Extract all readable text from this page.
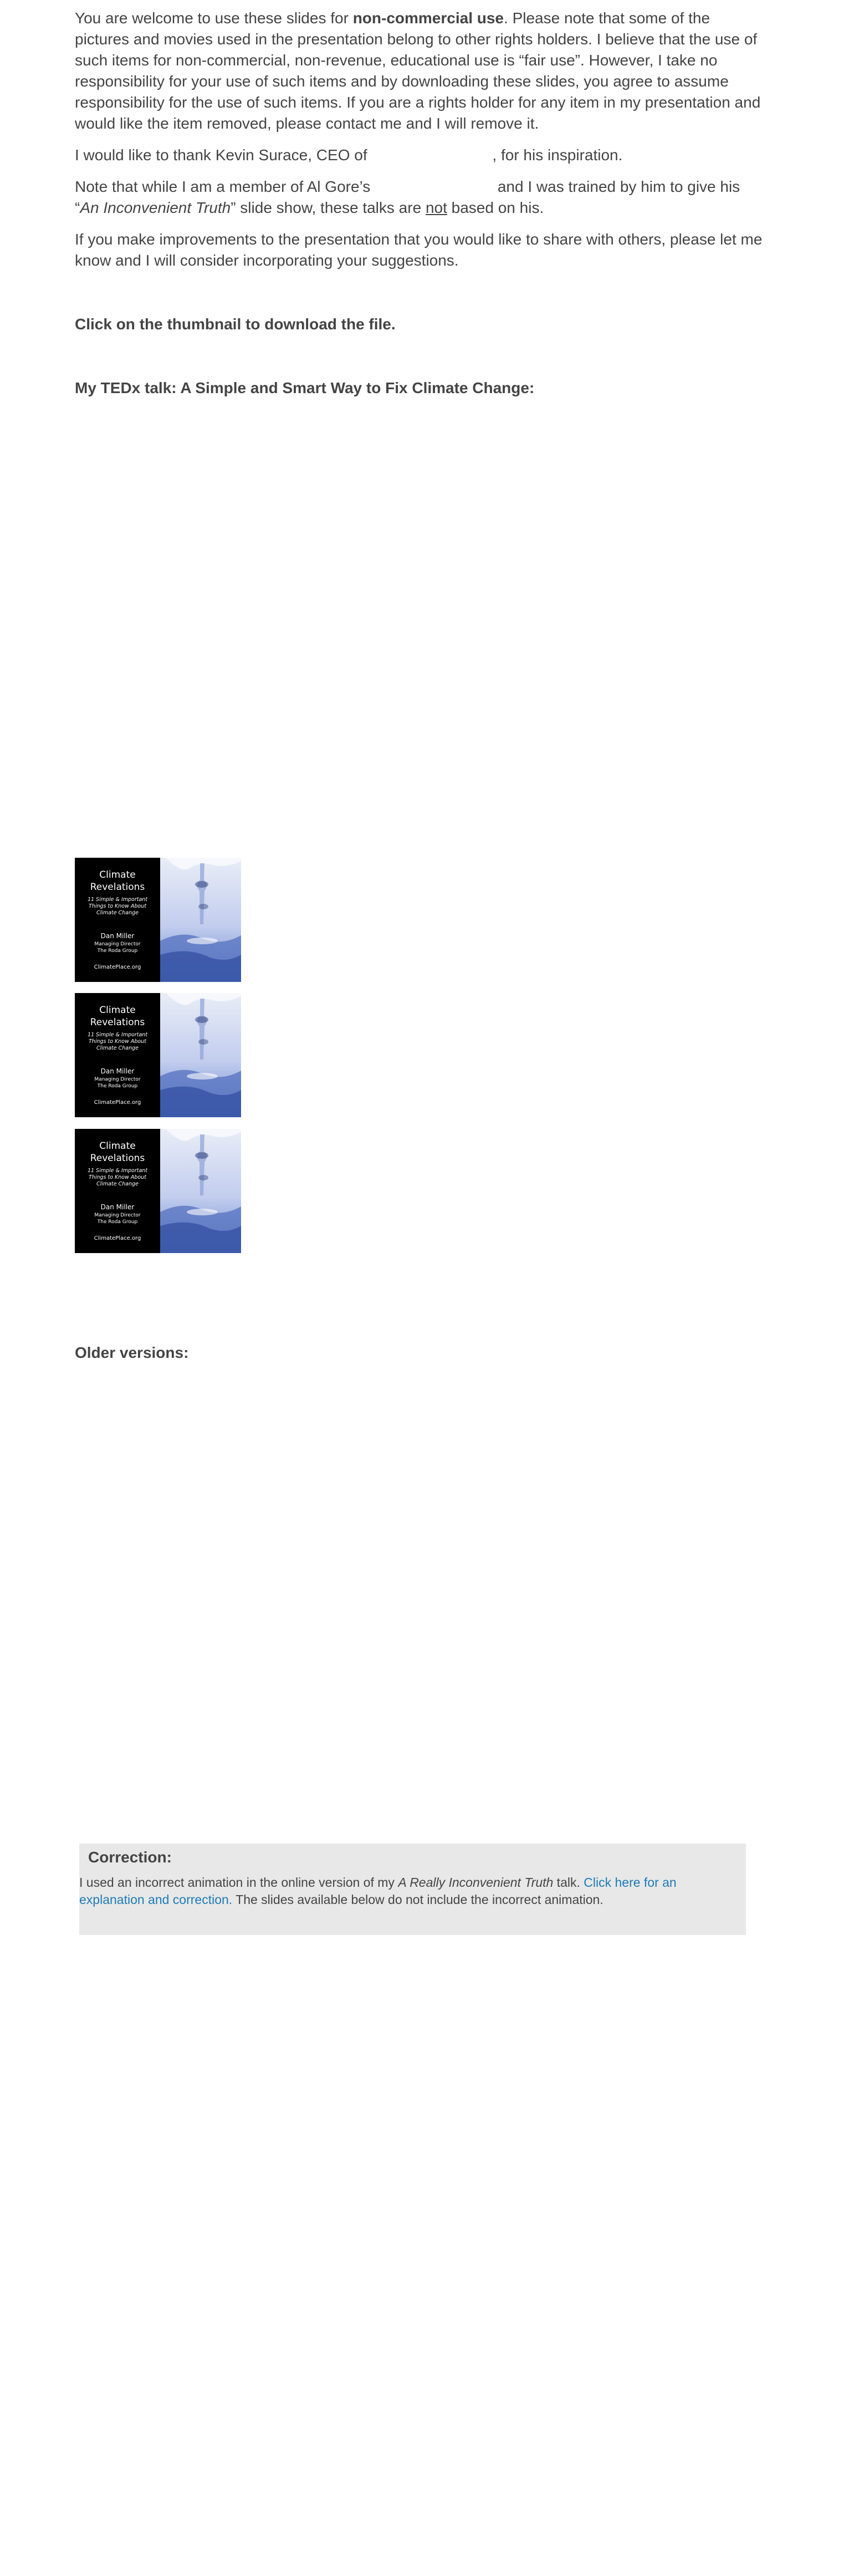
You are welcome to use these slides for non-commercial use. Please note that some of the pictures and movies used in the presentation belong to other rights holders. I believe that the use of such items for non-commercial, non-revenue, educational use is “fair use”. However, I take no responsibility for your use of such items and by downloading these slides, you agree to assume responsibility for the use of such items. If you are a rights holder for any item in my presentation and would like the item removed, please contact me and I will remove it.

I would like to thank Kevin Surace, CEO of	, for his inspiration.

Note that while I am a member of Al Gore’s	and I was trained by him to give his “An Inconvenient Truth” slide show, these talks are not based on his.

If you make improvements to the presentation that you would like to share with others, please let me know and I will consider incorporating your suggestions.

Click on the thumbnail to download the file.
My TEDx talk: A Simple and Smart Way to Fix Climate Change:
Climate
Revelations
11 Simple & Important
Things to Know About
Climate Change
Dan Miller
Managing Director
The Roda Group
ClimatePlace.org
Climate
Revelations
11 Simple & Important
Things to Know About
Climate Change
Dan Miller
Managing Director
The Roda Group
ClimatePlace.org
Climate
Revelations
11 Simple & Important
Things to Know About
Climate Change
Dan Miller
Managing Director
The Roda Group
ClimatePlace.org
Older versions:
Correction:

I used an incorrect animation in the online version of my A Really Inconvenient Truth talk. Click here for an explanation and correction. The slides available below do not include the incorrect animation.
